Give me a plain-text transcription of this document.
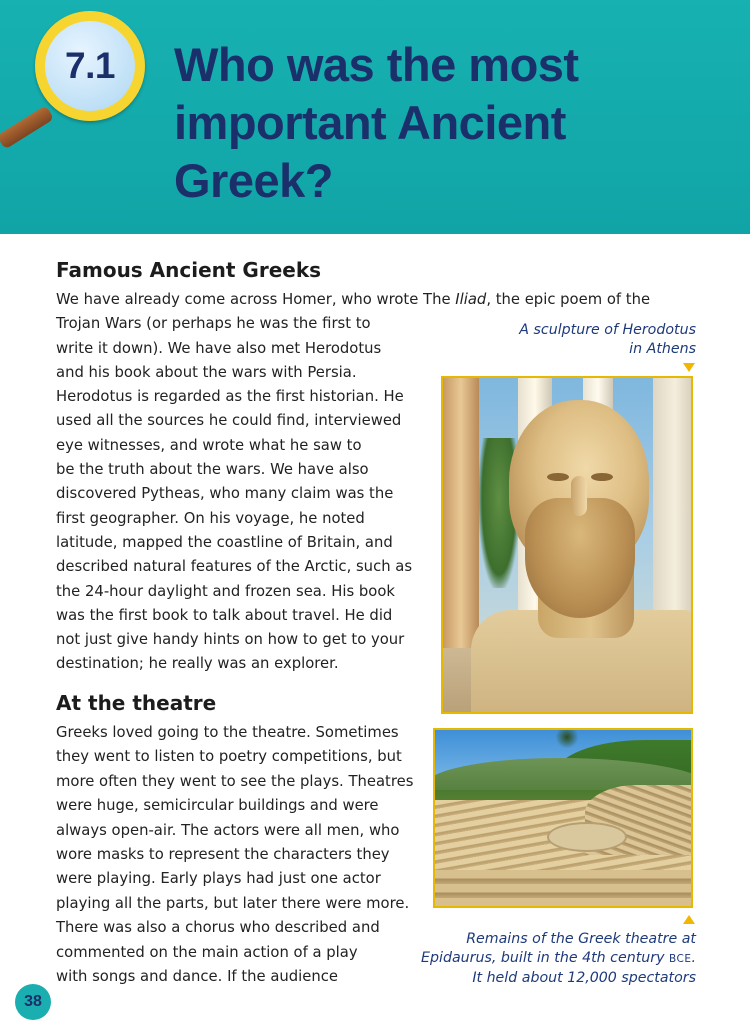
7.1 Who was the most
important Ancient
Greek?
Famous Ancient Greeks
We have already come across Homer, who wrote The Iliad, the epic poem of the
Trojan Wars (or perhaps he was the first to
write it down). We have also met Herodotus
and his book about the wars with Persia.
Herodotus is regarded as the first historian. He
used all the sources he could find, interviewed
eye witnesses, and wrote what he saw to
be the truth about the wars. We have also
discovered Pytheas, who many claim was the
first geographer. On his voyage, he noted
latitude, mapped the coastline of Britain, and
described natural features of the Arctic, such as
the 24-hour daylight and frozen sea. His book
was the first book to talk about travel. He did
not just give handy hints on how to get to your
destination; he really was an explorer.
A sculpture of Herodotus
in Athens
At the theatre
Greeks loved going to the theatre. Sometimes
they went to listen to poetry competitions, but
more often they went to see the plays. Theatres
were huge, semicircular buildings and were
always open-air. The actors were all men, who
wore masks to represent the characters they
were playing. Early plays had just one actor
playing all the parts, but later there were more.
There was also a chorus who described and
commented on the main action of a play
with songs and dance. If the audience
Remains of the Greek theatre at
Epidaurus, built in the 4th century BCE.
It held about 12,000 spectators
38
